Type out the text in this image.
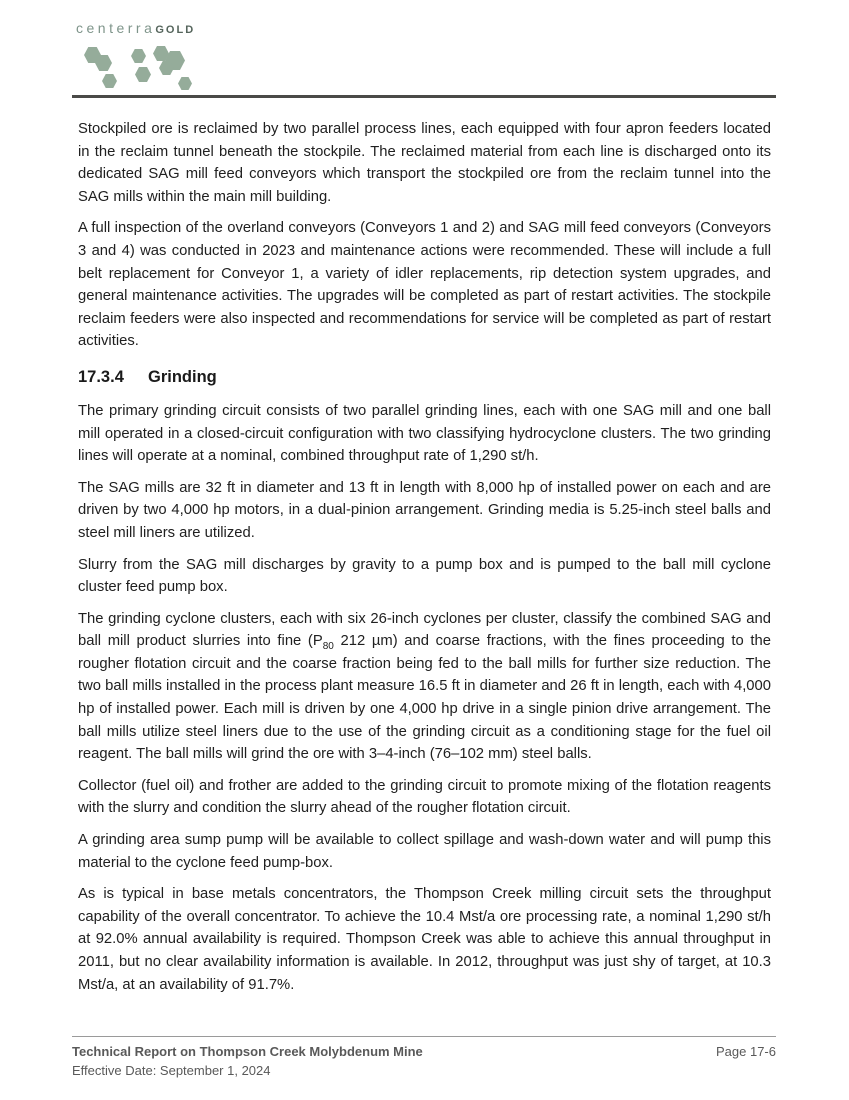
centerraGOLD

Stockpiled ore is reclaimed by two parallel process lines, each equipped with four apron feeders located in the reclaim tunnel beneath the stockpile. The reclaimed material from each line is discharged onto its dedicated SAG mill feed conveyors which transport the stockpiled ore from the reclaim tunnel into the SAG mills within the main mill building.

A full inspection of the overland conveyors (Conveyors 1 and 2) and SAG mill feed conveyors (Conveyors 3 and 4) was conducted in 2023 and maintenance actions were recommended. These will include a full belt replacement for Conveyor 1, a variety of idler replacements, rip detection system upgrades, and general maintenance activities. The upgrades will be completed as part of restart activities. The stockpile reclaim feeders were also inspected and recommendations for service will be completed as part of restart activities.

17.3.4 Grinding

The primary grinding circuit consists of two parallel grinding lines, each with one SAG mill and one ball mill operated in a closed-circuit configuration with two classifying hydrocyclone clusters. The two grinding lines will operate at a nominal, combined throughput rate of 1,290 st/h.

The SAG mills are 32 ft in diameter and 13 ft in length with 8,000 hp of installed power on each and are driven by two 4,000 hp motors, in a dual-pinion arrangement. Grinding media is 5.25-inch steel balls and steel mill liners are utilized.

Slurry from the SAG mill discharges by gravity to a pump box and is pumped to the ball mill cyclone cluster feed pump box.

The grinding cyclone clusters, each with six 26-inch cyclones per cluster, classify the combined SAG and ball mill product slurries into fine ($P_{80}$ 212 µm) and coarse fractions, with the fines proceeding to the rougher flotation circuit and the coarse fraction being fed to the ball mills for further size reduction. The two ball mills installed in the process plant measure 16.5 ft in diameter and 26 ft in length, each with 4,000 hp of installed power. Each mill is driven by one 4,000 hp drive in a single pinion drive arrangement. The ball mills utilize steel liners due to the use of the grinding circuit as a conditioning stage for the fuel oil reagent. The ball mills will grind the ore with 3–4-inch (76–102 mm) steel balls.

Collector (fuel oil) and frother are added to the grinding circuit to promote mixing of the flotation reagents with the slurry and condition the slurry ahead of the rougher flotation circuit.

A grinding area sump pump will be available to collect spillage and wash-down water and will pump this material to the cyclone feed pump-box.

As is typical in base metals concentrators, the Thompson Creek milling circuit sets the throughput capability of the overall concentrator. To achieve the 10.4 Mst/a ore processing rate, a nominal 1,290 st/h at 92.0% annual availability is required. Thompson Creek was able to achieve this annual throughput in 2011, but no clear availability information is available. In 2012, throughput was just shy of target, at 10.3 Mst/a, at an availability of 91.7%.

Technical Report on Thompson Creek Molybdenum Mine
Effective Date: September 1, 2024
Page 17-6
